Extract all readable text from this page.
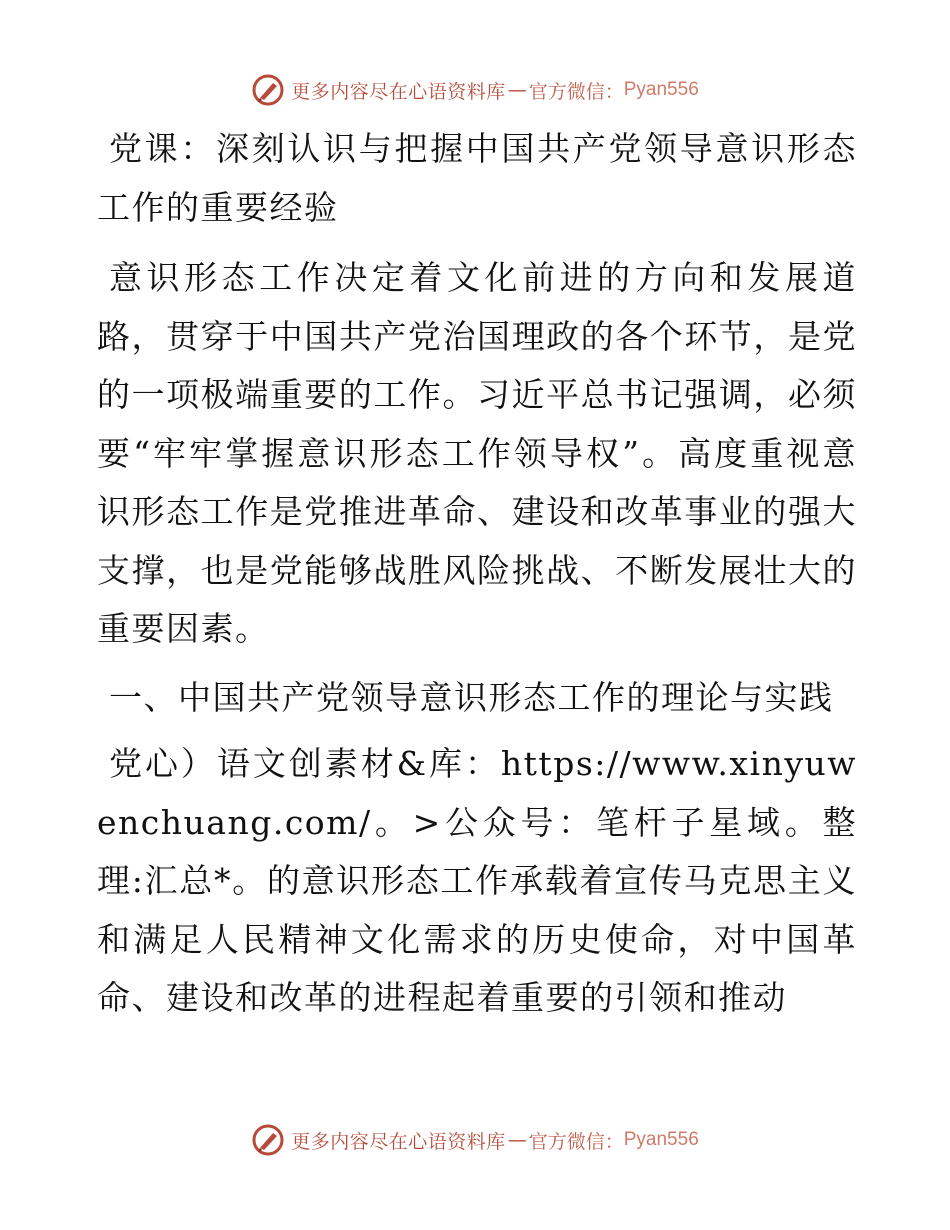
更多内容尽在心语资料库 — 官方微信： Pyan556

党课：深刻认识与把握中国共产党领导意识形态工作的重要经验

意识形态工作决定着文化前进的方向和发展道路，贯穿于中国共产党治国理政的各个环节，是党的一项极端重要的工作。习近平总书记强调，必须要“牢牢掌握意识形态工作领导权”。高度重视意识形态工作是党推进革命、建设和改革事业的强大支撑，也是党能够战胜风险挑战、不断发展壮大的重要因素。

一、中国共产党领导意识形态工作的理论与实践

党心）语文创素材&库：https://www.xinyuwenchuang.com/。>公众号：笔杆子星域。整理:汇总*。的意识形态工作承载着宣传马克思主义和满足人民精神文化需求的历史使命，对中国革命、建设和改革的进程起着重要的引领和推动

更多内容尽在心语资料库 — 官方微信： Pyan556
